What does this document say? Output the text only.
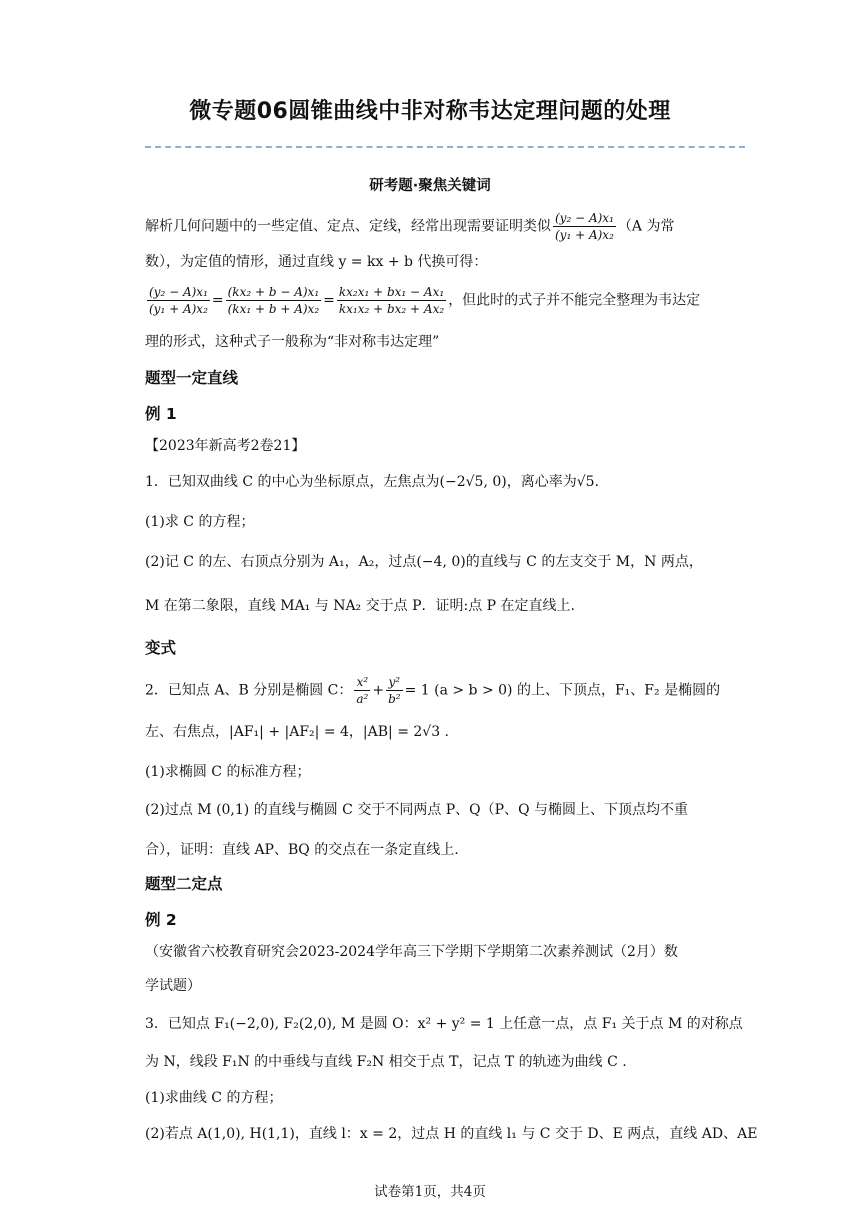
微专题06圆锥曲线中非对称韦达定理问题的处理
研考题·聚焦关键词
解析几何问题中的一些定值、定点、定线，经常出现需要证明类似 $\frac{\text{(y₂ − A)x₁}}{\text{(y₁ + A)x₂}} (A$ 为常
数），为定值的情形，通过直线 y = kx + b 代换可得：
$\frac{\text{(y₂ − A)x₁}}{\text{(y₁ + A)x₂}} = \frac{\text{(kx₂ + b − A)x₁}}{\text{(kx₁ + b + A)x₂}} = \frac{\text{kx₂x₁ + bx₁ − Ax₁}}{\text{kx₁x₂ + bx₂ + Ax₂}}$ ，但此时的式子并不能完全整理为韦达定
理的形式，这种式子一般称为“非对称韦达定理”
题型一定直线
例 1
【2023年新高考2卷21】
1．已知双曲线 C 的中心为坐标原点，左焦点为(−2√5, 0)，离心率为√5.
(1)求 C 的方程；
(2)记 C 的左、右顶点分别为 A₁，A₂，过点(−4, 0)的直线与 C 的左支交于 M，N 两点，
M 在第二象限，直线 MA₁ 与 NA₂ 交于点 P．证明:点 P 在定直线上.
变式
2．已知点 A、B 分别是椭圆 C： $\frac{\text{x²}}{\text{a²}} + \frac{\text{y²}}{\text{b²}} = 1$ (a > b > 0) 的上、下顶点，F₁、F₂ 是椭圆的
左、右焦点，|AF₁| + |AF₂| = 4，|AB| = 2√3 .
(1)求椭圆 C 的标准方程；
(2)过点 M (0,1) 的直线与椭圆 C 交于不同两点 P、Q（P、Q 与椭圆上、下顶点均不重
合），证明：直线 AP、BQ 的交点在一条定直线上.
题型二定点
例 2
（安徽省六校教育研究会2023-2024学年高三下学期下学期第二次素养测试（2月）数
学试题）
3．已知点 F₁(−2,0), F₂(2,0), M 是圆 O：x² + y² = 1 上任意一点，点 F₁ 关于点 M 的对称点
为 N，线段 F₁N 的中垂线与直线 F₂N 相交于点 T，记点 T 的轨迹为曲线 C .
(1)求曲线 C 的方程；
(2)若点 A(1,0), H(1,1)，直线 l：x = 2，过点 H 的直线 l₁ 与 C 交于 D、E 两点，直线 AD、AE
试卷第1页，共4页
